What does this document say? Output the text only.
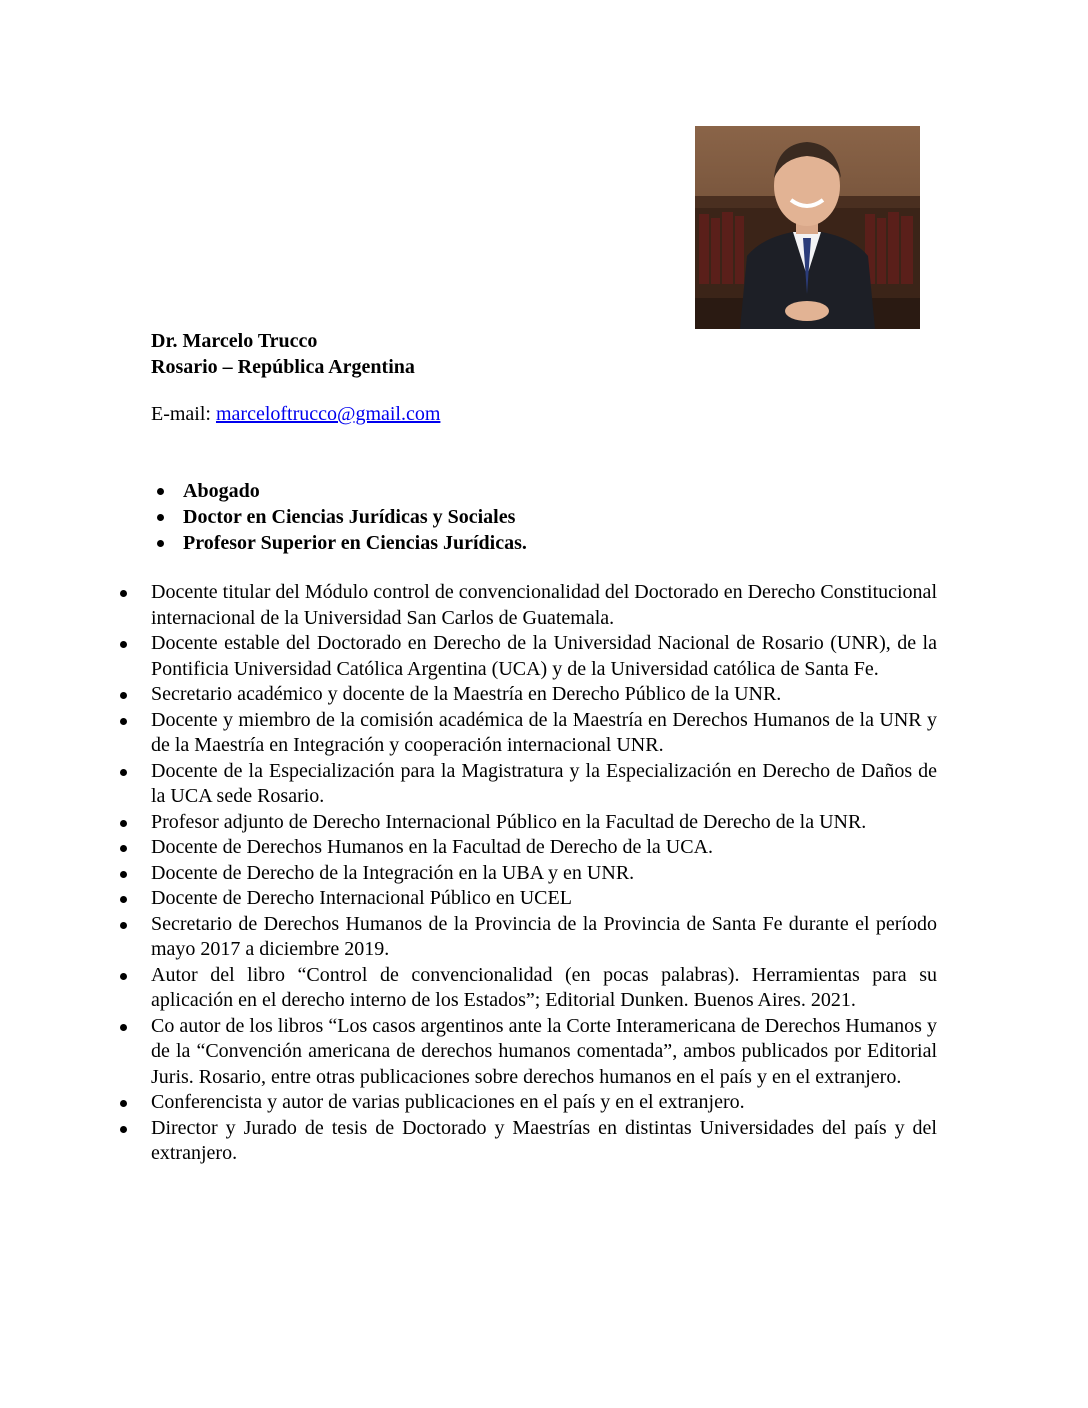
Dr. Marcelo Trucco
Rosario – República Argentina
E-mail: marceloftrucco@gmail.com
Abogado
Doctor en Ciencias Jurídicas y Sociales
Profesor Superior en Ciencias Jurídicas.
Docente titular del Módulo control de convencionalidad del Doctorado en Derecho Constitucional internacional de la Universidad San Carlos de Guatemala.
Docente estable del Doctorado en Derecho de la Universidad Nacional de Rosario (UNR), de la Pontificia Universidad Católica Argentina (UCA) y de la Universidad católica de Santa Fe.
Secretario académico y docente de la Maestría en Derecho Público de la UNR.
Docente y miembro de la comisión académica de la Maestría en Derechos Humanos de la UNR y de la Maestría en Integración y cooperación internacional UNR.
Docente de la Especialización para la Magistratura y la Especialización en Derecho de Daños de la UCA sede Rosario.
Profesor adjunto de Derecho Internacional Público en la Facultad de Derecho de la UNR.
Docente de Derechos Humanos en la Facultad de Derecho de la UCA.
Docente de Derecho de la Integración en la UBA y en UNR.
Docente de Derecho Internacional Público en UCEL
Secretario de Derechos Humanos de la Provincia de la Provincia de Santa Fe durante el período mayo 2017 a diciembre 2019.
Autor del libro “Control de convencionalidad (en pocas palabras). Herramientas para su aplicación en el derecho interno de los Estados”; Editorial Dunken. Buenos Aires. 2021.
Co autor de los libros “Los casos argentinos ante la Corte Interamericana de Derechos Humanos y de la “Convención americana de derechos humanos comentada”, ambos publicados por Editorial Juris. Rosario, entre otras publicaciones sobre derechos humanos en el país y en el extranjero.
Conferencista y autor de varias publicaciones en el país y en el extranjero.
Director y Jurado de tesis de Doctorado y Maestrías en distintas Universidades del país y del extranjero.
